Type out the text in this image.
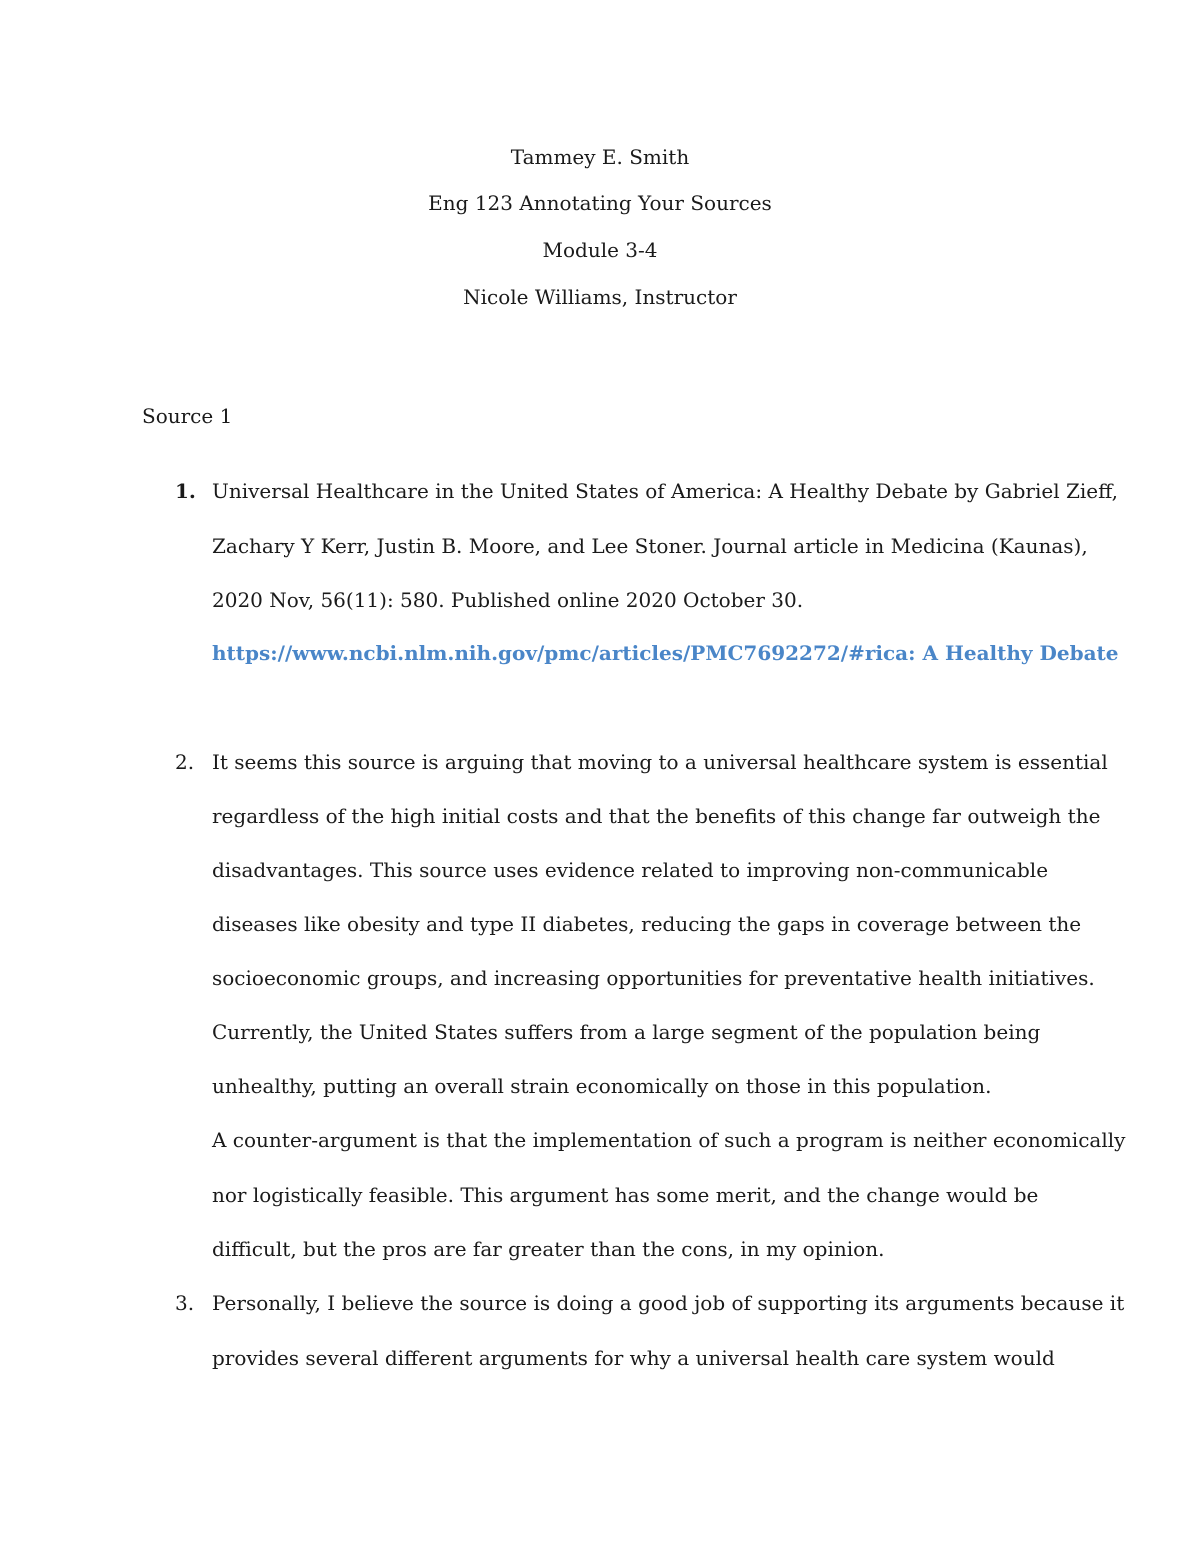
Tammey E. Smith
Eng 123 Annotating Your Sources
Module 3-4
Nicole Williams, Instructor
Source 1
1. Universal Healthcare in the United States of America: A Healthy Debate by Gabriel Zieff,
Zachary Y Kerr, Justin B. Moore, and Lee Stoner. Journal article in Medicina (Kaunas),
2020 Nov, 56(11): 580. Published online 2020 October 30.
https://www.ncbi.nlm.nih.gov/pmc/articles/PMC7692272/#rica: A Healthy Debate
2. It seems this source is arguing that moving to a universal healthcare system is essential
regardless of the high initial costs and that the benefits of this change far outweigh the
disadvantages. This source uses evidence related to improving non-communicable
diseases like obesity and type II diabetes, reducing the gaps in coverage between the
socioeconomic groups, and increasing opportunities for preventative health initiatives.
Currently, the United States suffers from a large segment of the population being
unhealthy, putting an overall strain economically on those in this population.
A counter-argument is that the implementation of such a program is neither economically
nor logistically feasible. This argument has some merit, and the change would be
difficult, but the pros are far greater than the cons, in my opinion.
3. Personally, I believe the source is doing a good job of supporting its arguments because it
provides several different arguments for why a universal health care system would
